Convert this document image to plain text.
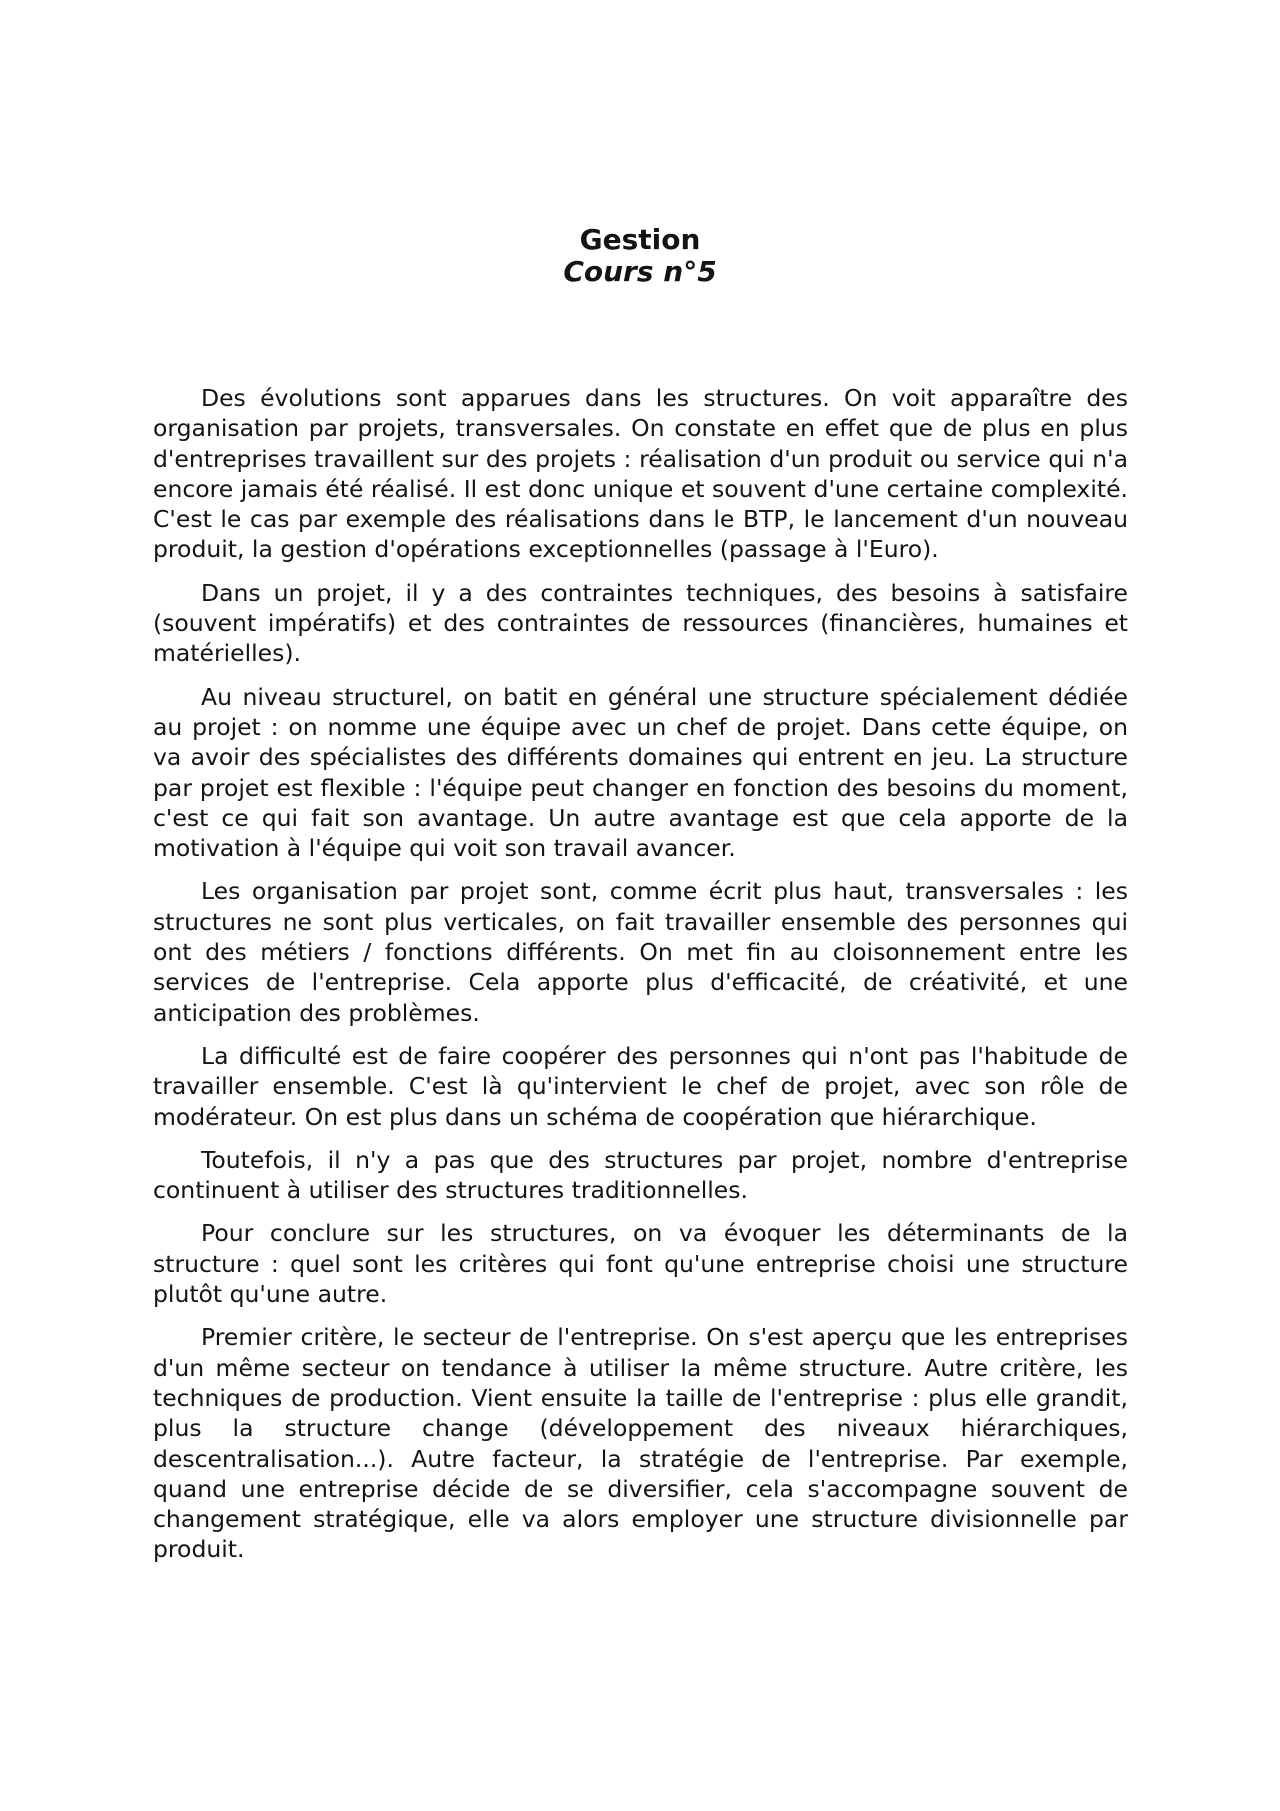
Gestion
Cours n°5

Des évolutions sont apparues dans les structures. On voit apparaître des organisation par projets, transversales. On constate en effet que de plus en plus d'entreprises travaillent sur des projets : réalisation d'un produit ou service qui n'a encore jamais été réalisé. Il est donc unique et souvent d'une certaine complexité. C'est le cas par exemple des réalisations dans le BTP, le lancement d'un nouveau produit, la gestion d'opérations exceptionnelles (passage à l'Euro).

Dans un projet, il y a des contraintes techniques, des besoins à satisfaire (souvent impératifs) et des contraintes de ressources (financières, humaines et matérielles).

Au niveau structurel, on batit en général une structure spécialement dédiée au projet : on nomme une équipe avec un chef de projet. Dans cette équipe, on va avoir des spécialistes des différents domaines qui entrent en jeu. La structure par projet est flexible : l'équipe peut changer en fonction des besoins du moment, c'est ce qui fait son avantage. Un autre avantage est que cela apporte de la motivation à l'équipe qui voit son travail avancer.

Les organisation par projet sont, comme écrit plus haut, transversales : les structures ne sont plus verticales, on fait travailler ensemble des personnes qui ont des métiers / fonctions différents. On met fin au cloisonnement entre les services de l'entreprise. Cela apporte plus d'efficacité, de créativité, et une anticipation des problèmes.

La difficulté est de faire coopérer des personnes qui n'ont pas l'habitude de travailler ensemble. C'est là qu'intervient le chef de projet, avec son rôle de modérateur. On est plus dans un schéma de coopération que hiérarchique.

Toutefois, il n'y a pas que des structures par projet, nombre d'entreprise continuent à utiliser des structures traditionnelles.

Pour conclure sur les structures, on va évoquer les déterminants de la structure : quel sont les critères qui font qu'une entreprise choisi une structure plutôt qu'une autre.

Premier critère, le secteur de l'entreprise. On s'est aperçu que les entreprises d'un même secteur on tendance à utiliser la même structure. Autre critère, les techniques de production. Vient ensuite la taille de l'entreprise : plus elle grandit, plus la structure change (développement des niveaux hiérarchiques, descentralisation...). Autre facteur, la stratégie de l'entreprise. Par exemple, quand une entreprise décide de se diversifier, cela s'accompagne souvent de changement stratégique, elle va alors employer une structure divisionnelle par produit.
